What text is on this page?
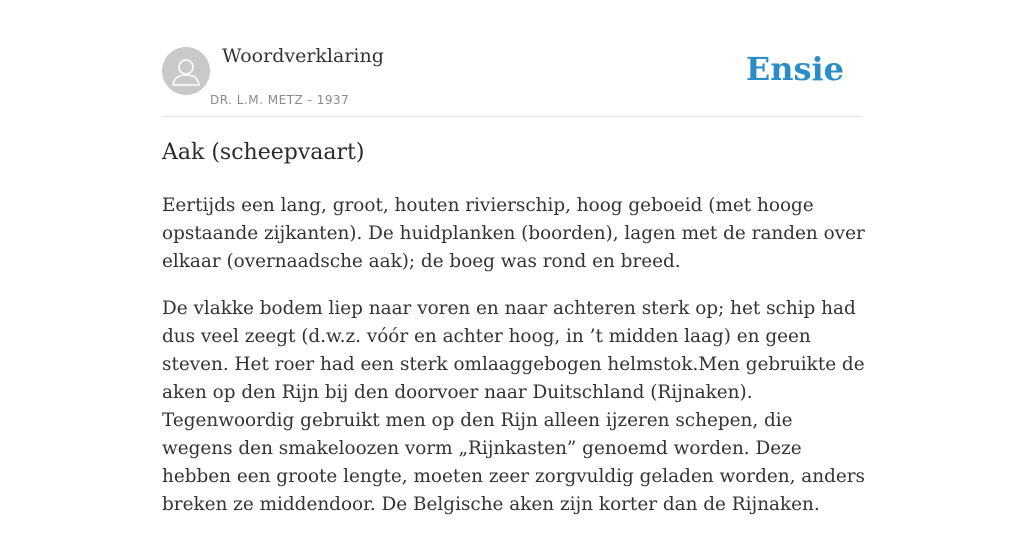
Woordverklaring
DR. L.M. METZ - 1937
Ensie
Aak (scheepvaart)

Eertijds een lang, groot, houten rivierschip, hoog geboeid (met hooge opstaande zijkanten). De huidplanken (boorden), lagen met de randen over elkaar (overnaadsche aak); de boeg was rond en breed.

De vlakke bodem liep naar voren en naar achteren sterk op; het schip had dus veel zeegt (d.w.z. vóór en achter hoog, in ’t midden laag) en geen steven. Het roer had een sterk omlaaggebogen helmstok.Men gebruikte de aken op den Rijn bij den doorvoer naar Duitschland (Rijnaken). Tegenwoordig gebruikt men op den Rijn alleen ijzeren schepen, die wegens den smakeloozen vorm „Rijnkasten” genoemd worden. Deze hebben een groote lengte, moeten zeer zorgvuldig geladen worden, anders breken ze middendoor. De Belgische aken zijn korter dan de Rijnaken.
